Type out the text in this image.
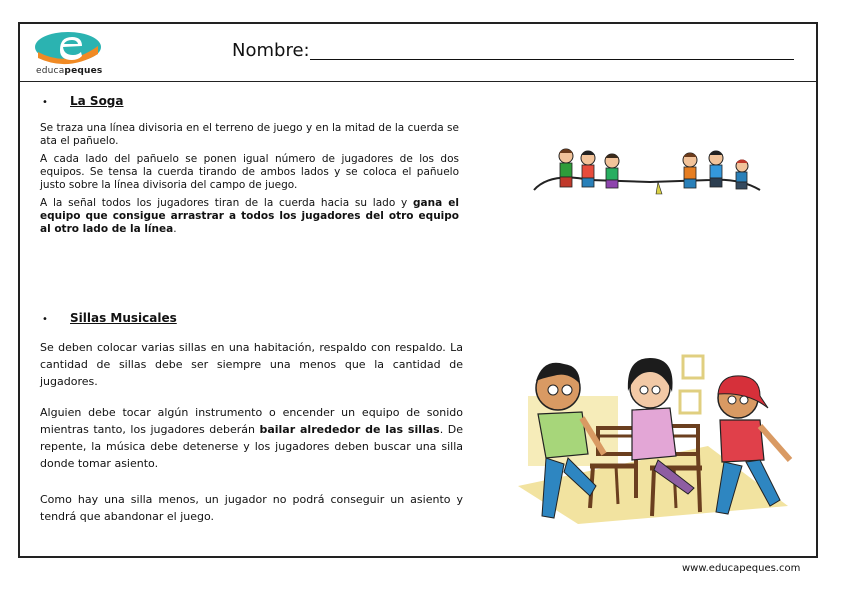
educapeques
Nombre:
• La Soga

Se traza una línea divisoria en el terreno de juego y en la mitad de la cuerda se ata el pañuelo.

A cada lado del pañuelo se ponen igual número de jugadores de los dos equipos. Se tensa la cuerda tirando de ambos lados y se coloca el pañuelo justo sobre la línea divisoria del campo de juego.

A la señal todos los jugadores tiran de la cuerda hacia su lado y gana el equipo que consigue arrastrar a todos los jugadores del otro equipo al otro lado de la línea.

• Sillas Musicales

Se deben colocar varias sillas en una habitación, respaldo con respaldo. La cantidad de sillas debe ser siempre una menos que la cantidad de jugadores.

Alguien debe tocar algún instrumento o encender un equipo de sonido mientras tanto, los jugadores deberán bailar alrededor de las sillas. De repente, la música debe detenerse y los jugadores deben buscar una silla donde tomar asiento.

Como hay una silla menos, un jugador no podrá conseguir un asiento y tendrá que abandonar el juego.

www.educapeques.com
